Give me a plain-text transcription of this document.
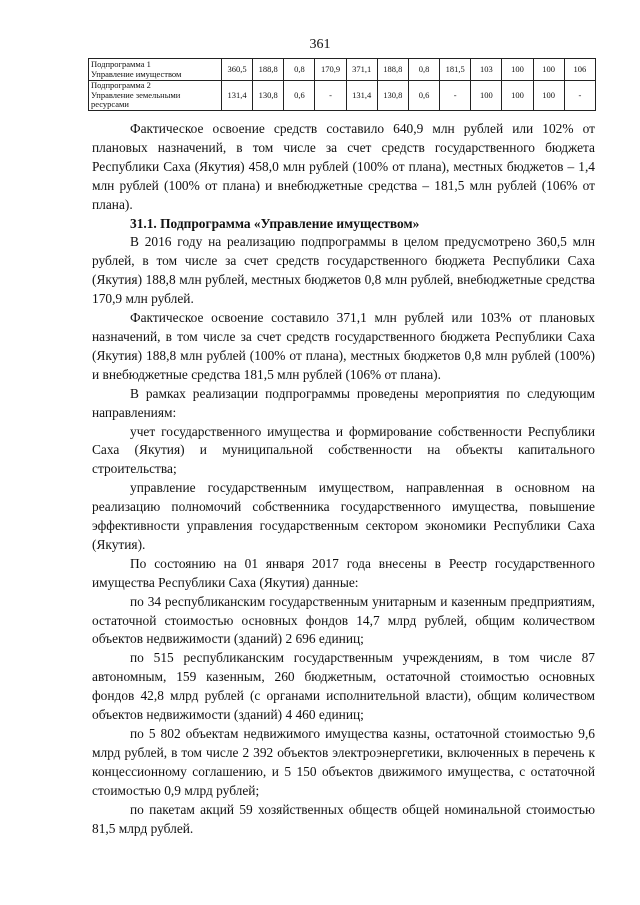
361
Подпрограмма 1
Управление имуществом	360,5	188,8	0,8	170,9	371,1	188,8	0,8	181,5	103	100	100	106

Подпрограмма 2
Управление земельными
ресурсами	131,4	130,8	0,6	-	131,4	130,8	0,6	-	100	100	100	-

Фактическое освоение средств составило 640,9 млн рублей или 102% от плановых назначений, в том числе за счет средств государственного бюджета Республики Саха (Якутия) 458,0 млн рублей (100% от плана), местных бюджетов – 1,4 млн рублей (100% от плана) и внебюджетные средства – 181,5 млн рублей (106% от плана).

31.1. Подпрограмма «Управление имуществом»

В 2016 году на реализацию подпрограммы в целом предусмотрено 360,5 млн рублей, в том числе за счет средств государственного бюджета Республики Саха (Якутия) 188,8 млн рублей, местных бюджетов 0,8 млн рублей, внебюджетные средства 170,9 млн рублей.

Фактическое освоение составило 371,1 млн рублей или 103% от плановых назначений, в том числе за счет средств государственного бюджета Республики Саха (Якутия) 188,8 млн рублей (100% от плана), местных бюджетов 0,8 млн рублей (100%) и внебюджетные средства 181,5 млн рублей (106% от плана).

В рамках реализации подпрограммы проведены мероприятия по следующим направлениям:

учет государственного имущества и формирование собственности Республики Саха (Якутия) и муниципальной собственности на объекты капитального строительства;

управление государственным имуществом, направленная в основном на реализацию полномочий собственника государственного имущества, повышение эффективности управления государственным сектором экономики Республики Саха (Якутия).

По состоянию на 01 января 2017 года внесены в Реестр государственного имущества Республики Саха (Якутия) данные:

по 34 республиканским государственным унитарным и казенным предприятиям, остаточной стоимостью основных фондов 14,7 млрд рублей, общим количеством объектов недвижимости (зданий) 2 696 единиц;

по 515 республиканским государственным учреждениям, в том числе 87 автономным, 159 казенным, 260 бюджетным, остаточной стоимостью основных фондов 42,8 млрд рублей (с органами исполнительной власти), общим количеством объектов недвижимости (зданий) 4 460 единиц;

по 5 802 объектам недвижимого имущества казны, остаточной стоимостью 9,6 млрд рублей, в том числе 2 392 объектов электроэнергетики, включенных в перечень к концессионному соглашению, и 5 150 объектов движимого имущества, с остаточной стоимостью 0,9 млрд рублей;

по пакетам акций 59 хозяйственных обществ общей номинальной стоимостью 81,5 млрд рублей.
